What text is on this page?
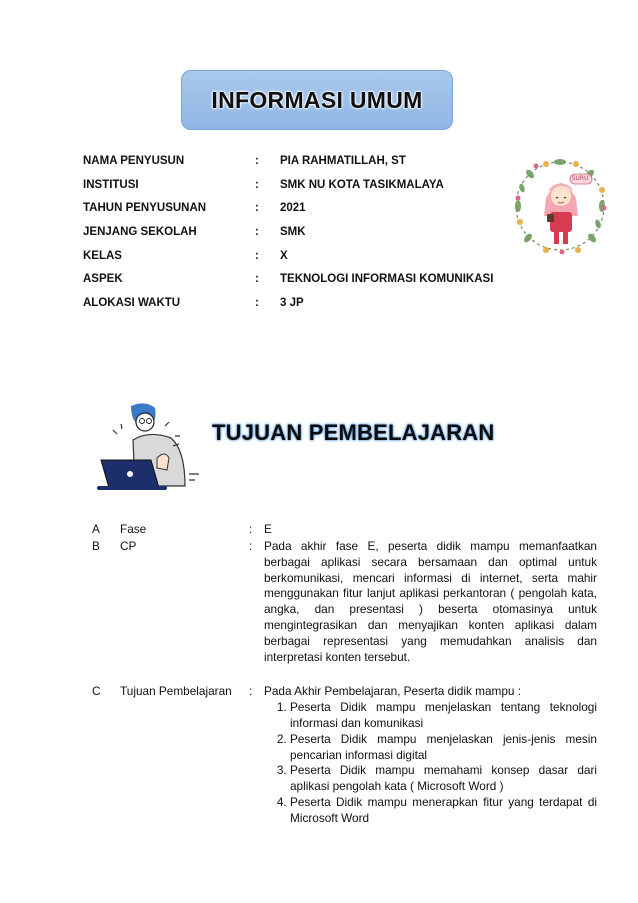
INFORMASI UMUM
NAMA PENYUSUN	: PIA RAHMATILLAH, ST
INSTITUSI	: SMK NU KOTA TASIKMALAYA
TAHUN PENYUSUNAN	: 2021
JENJANG SEKOLAH	: SMK
KELAS	: X
ASPEK	: TEKNOLOGI INFORMASI KOMUNIKASI
ALOKASI WAKTU	: 3 JP
SURU
TUJUAN PEMBELAJARAN
A Fase	: E
B CP	: Pada akhir fase E, peserta didik mampu memanfaatkan
berbagai aplikasi secara bersamaan dan optimal untuk
berkomunikasi, mencari informasi di internet, serta mahir
menggunakan fitur lanjut aplikasi perkantoran ( pengolah kata,
angka, dan presentasi ) beserta otomasinya untuk
mengintegrasikan dan menyajikan konten aplikasi dalam
berbagai representasi yang memudahkan analisis dan
interpretasi konten tersebut.
C Tujuan Pembelajaran : Pada Akhir Pembelajaran, Peserta didik mampu :
1. Peserta Didik mampu menjelaskan tentang teknologi informasi dan komunikasi
2. Peserta Didik mampu menjelaskan jenis-jenis mesin pencarian informasi digital
3. Peserta Didik mampu memahami konsep dasar dari aplikasi pengolah kata ( Microsoft Word )
4. Peserta Didik mampu menerapkan fitur yang terdapat di Microsoft Word
